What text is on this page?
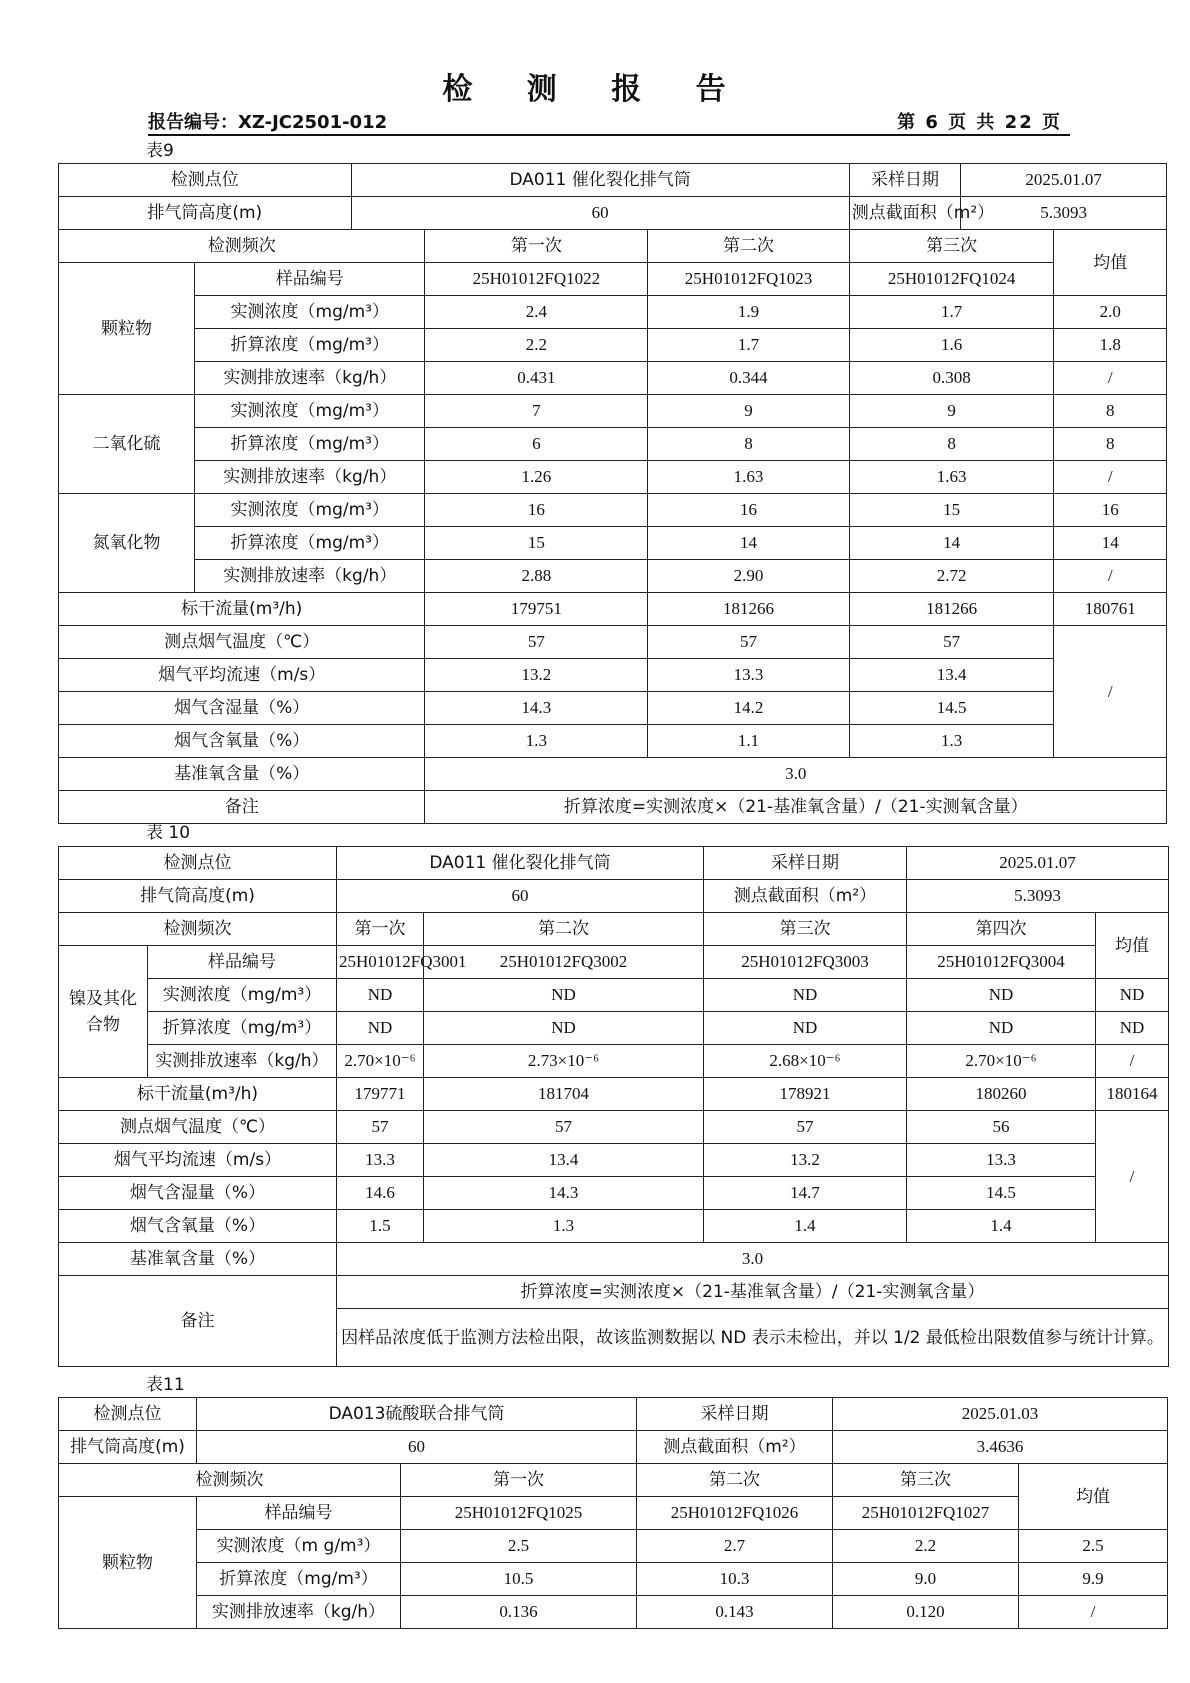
检 测 报 告
报告编号：XZ-JC2501-012	第 6 页 共 22 页
表9
表 10
表11
检测点位		DA011 催化裂化排气筒			采样日期	2025.01.07	
排气筒高度(m)		60			测点截面积（m²）	5.3093	
检测频次			第一次	第二次	第三次		均值
颗粒物	样品编号		25H01012FQ1022	25H01012FQ1023	25H01012FQ1024		
	实测浓度（mg/m³）		2.4	1.9	1.7		2.0
	折算浓度（mg/m³）		2.2	1.7	1.6		1.8
	实测排放速率（kg/h）		0.431	0.344	0.308		/
二氧化硫	实测浓度（mg/m³）		7	9	9		8
	折算浓度（mg/m³）		6	8	8		8
	实测排放速率（kg/h）		1.26	1.63	1.63		/
氮氧化物	实测浓度（mg/m³）		16	16	15		16
	折算浓度（mg/m³）		15	14	14		14
	实测排放速率（kg/h）		2.88	2.90	2.72		/
标干流量(m³/h)			179751	181266	181266		180761
测点烟气温度（℃）			57	57	57		/
烟气平均流速（m/s）			13.2	13.3	13.4		
烟气含湿量（%）			14.3	14.2	14.5		
烟气含氧量（%）			1.3	1.1	1.3		
基准氧含量（%）			3.0				
备注			折算浓度=实测浓度×（21-基准氧含量）/（21-实测氧含量）				
检测点位		DA011 催化裂化排气筒		采样日期	2025.01.07	
排气筒高度(m)		60		测点截面积（m²）	5.3093	
检测频次		第一次	第二次	第三次	第四次	均值
镍及其化合物	样品编号	25H01012FQ3001	25H01012FQ3002	25H01012FQ3003	25H01012FQ3004	
	实测浓度（mg/m³）	ND	ND	ND	ND	ND
	折算浓度（mg/m³）	ND	ND	ND	ND	ND
	实测排放速率（kg/h）	2.70×10⁻⁶	2.73×10⁻⁶	2.68×10⁻⁶	2.70×10⁻⁶	/
标干流量(m³/h)		179771	181704	178921	180260	180164
测点烟气温度（℃）		57	57	57	56	/
烟气平均流速（m/s）		13.3	13.4	13.2	13.3	
烟气含湿量（%）		14.6	14.3	14.7	14.5	
烟气含氧量（%）		1.5	1.3	1.4	1.4	
基准氧含量（%）		3.0				
备注		折算浓度=实测浓度×（21-基准氧含量）/（21-实测氧含量）				
		因样品浓度低于监测方法检出限，故该监测数据以 ND 表示未检出，并以 1/2 最低检出限数值参与统计计算。				
检测点位	DA013硫酸联合排气筒		采样日期	2025.01.03	
排气筒高度(m)	60		测点截面积（m²）	3.4636	
检测频次		第一次	第二次	第三次	均值
颗粒物	样品编号	25H01012FQ1025	25H01012FQ1026	25H01012FQ1027	
	实测浓度（m g/m³）	2.5	2.7	2.2	2.5
	折算浓度（mg/m³）	10.5	10.3	9.0	9.9
	实测排放速率（kg/h）	0.136	0.143	0.120	/
